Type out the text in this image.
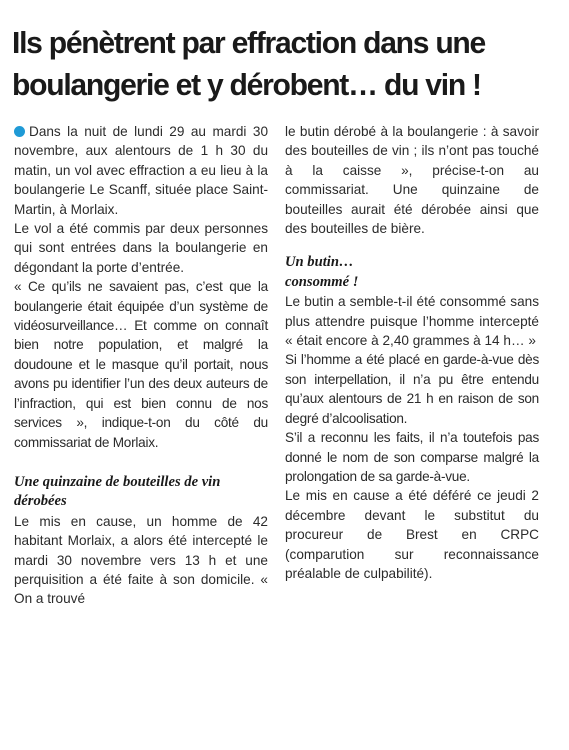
Ils pénètrent par effraction dans une
boulangerie et y dérobent… du vin !

Dans la nuit de lundi 29 au mardi 30 novembre, aux alentours de 1 h 30 du matin, un vol avec effraction a eu lieu à la boulangerie Le Scanff, située place Saint-Martin, à Morlaix.

Le vol a été commis par deux personnes qui sont entrées dans la boulangerie en dégondant la porte d’entrée.

« Ce qu’ils ne savaient pas, c’est que la boulangerie était équipée d’un système de vidéosurveillance… Et comme on connaît bien notre population, et malgré la doudoune et le masque qu’il portait, nous avons pu identifier l’un des deux auteurs de l’infraction, qui est bien connu de nos services », indique-t-on du côté du commissariat de Morlaix.

Une quinzaine de bouteilles de vin dérobées

Le mis en cause, un homme de 42 habitant Morlaix, a alors été intercepté le mardi 30 novembre vers 13 h et une perquisition a été faite à son domicile. « On a trouvé

le butin dérobé à la boulangerie : à savoir des bouteilles de vin ; ils n’ont pas touché à la caisse », précise-t-on au commissariat. Une quinzaine de bouteilles aurait été dérobée ainsi que des bouteilles de bière.

Un butin…
consommé !

Le butin a semble-t-il été consommé sans plus attendre puisque l’homme intercepté « était encore à 2,40 grammes à 14 h… »

Si l’homme a été placé en garde-à-vue dès son interpellation, il n’a pu être entendu qu’aux alentours de 21 h en raison de son degré d’alcoolisation.

S’il a reconnu les faits, il n’a toutefois pas donné le nom de son comparse malgré la prolongation de sa garde-à-vue.

Le mis en cause a été déféré ce jeudi 2 décembre devant le substitut du procureur de Brest en CRPC (comparution sur reconnaissance préalable de culpabilité).
